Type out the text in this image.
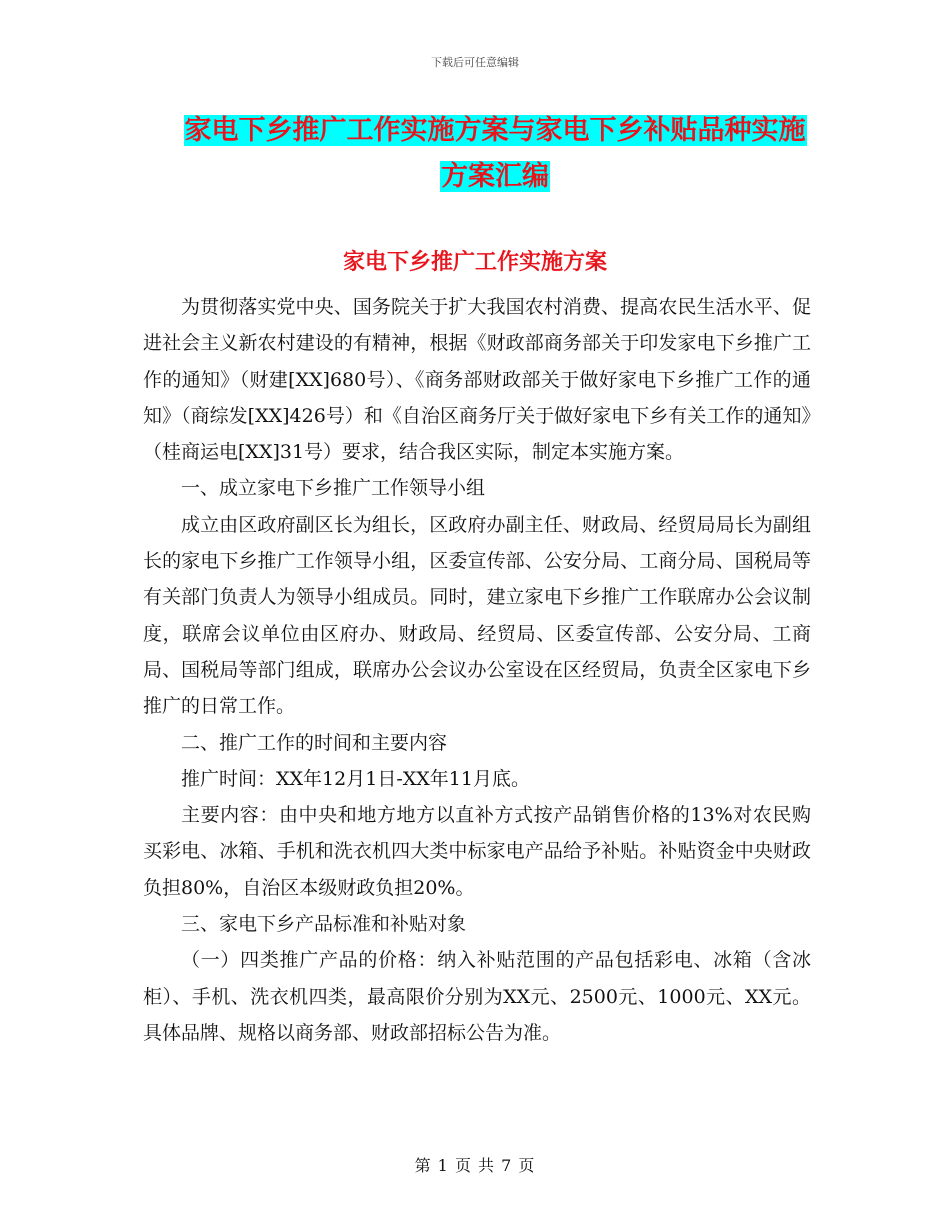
下载后可任意编辑
家电下乡推广工作实施方案与家电下乡补贴品种实施
方案汇编
家电下乡推广工作实施方案

为贯彻落实党中央、国务院关于扩大我国农村消费、提高农民生活水平、促进社会主义新农村建设的有精神，根据《财政部商务部关于印发家电下乡推广工作的通知》（财建[XX]680号）、《商务部财政部关于做好家电下乡推广工作的通知》（商综发[XX]426号）和《自治区商务厅关于做好家电下乡有关工作的通知》（桂商运电[XX]31号）要求，结合我区实际，制定本实施方案。

一、成立家电下乡推广工作领导小组

成立由区政府副区长为组长，区政府办副主任、财政局、经贸局局长为副组长的家电下乡推广工作领导小组，区委宣传部、公安分局、工商分局、国税局等有关部门负责人为领导小组成员。同时，建立家电下乡推广工作联席办公会议制度，联席会议单位由区府办、财政局、经贸局、区委宣传部、公安分局、工商局、国税局等部门组成，联席办公会议办公室设在区经贸局，负责全区家电下乡推广的日常工作。

二、推广工作的时间和主要内容

推广时间：XX年12月1日-XX年11月底。

主要内容：由中央和地方地方以直补方式按产品销售价格的13%对农民购买彩电、冰箱、手机和洗衣机四大类中标家电产品给予补贴。补贴资金中央财政负担80%，自治区本级财政负担20%。

三、家电下乡产品标准和补贴对象

（一）四类推广产品的价格：纳入补贴范围的产品包括彩电、冰箱（含冰柜）、手机、洗衣机四类，最高限价分别为XX元、2500元、1000元、XX元。具体品牌、规格以商务部、财政部招标公告为准。

第 1 页 共 7 页
